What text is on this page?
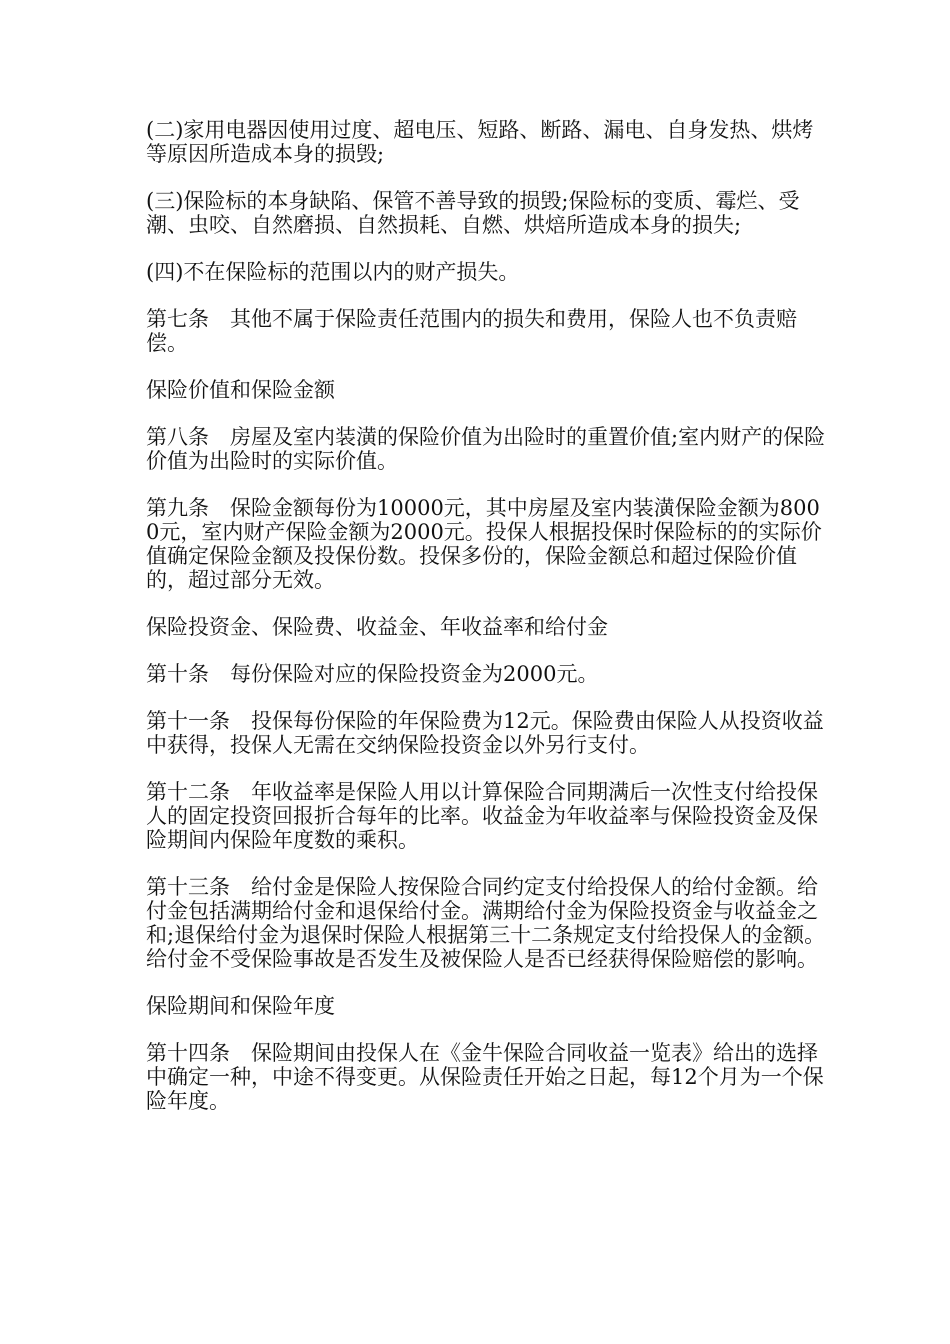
(二)家用电器因使用过度、超电压、短路、断路、漏电、自身发热、烘烤等原因所造成本身的损毁;

(三)保险标的本身缺陷、保管不善导致的损毁;保险标的变质、霉烂、受潮、虫咬、自然磨损、自然损耗、自燃、烘焙所造成本身的损失;

(四)不在保险标的范围以内的财产损失。

第七条　其他不属于保险责任范围内的损失和费用，保险人也不负责赔偿。

保险价值和保险金额

第八条　房屋及室内装潢的保险价值为出险时的重置价值;室内财产的保险价值为出险时的实际价值。

第九条　保险金额每份为10000元，其中房屋及室内装潢保险金额为8000元，室内财产保险金额为2000元。投保人根据投保时保险标的的实际价值确定保险金额及投保份数。投保多份的，保险金额总和超过保险价值的，超过部分无效。

保险投资金、保险费、收益金、年收益率和给付金

第十条　每份保险对应的保险投资金为2000元。

第十一条　投保每份保险的年保险费为12元。保险费由保险人从投资收益中获得，投保人无需在交纳保险投资金以外另行支付。

第十二条　年收益率是保险人用以计算保险合同期满后一次性支付给投保人的固定投资回报折合每年的比率。收益金为年收益率与保险投资金及保险期间内保险年度数的乘积。

第十三条　给付金是保险人按保险合同约定支付给投保人的给付金额。给付金包括满期给付金和退保给付金。满期给付金为保险投资金与收益金之和;退保给付金为退保时保险人根据第三十二条规定支付给投保人的金额。给付金不受保险事故是否发生及被保险人是否已经获得保险赔偿的影响。

保险期间和保险年度

第十四条　保险期间由投保人在《金牛保险合同收益一览表》给出的选择中确定一种，中途不得变更。从保险责任开始之日起，每12个月为一个保险年度。
